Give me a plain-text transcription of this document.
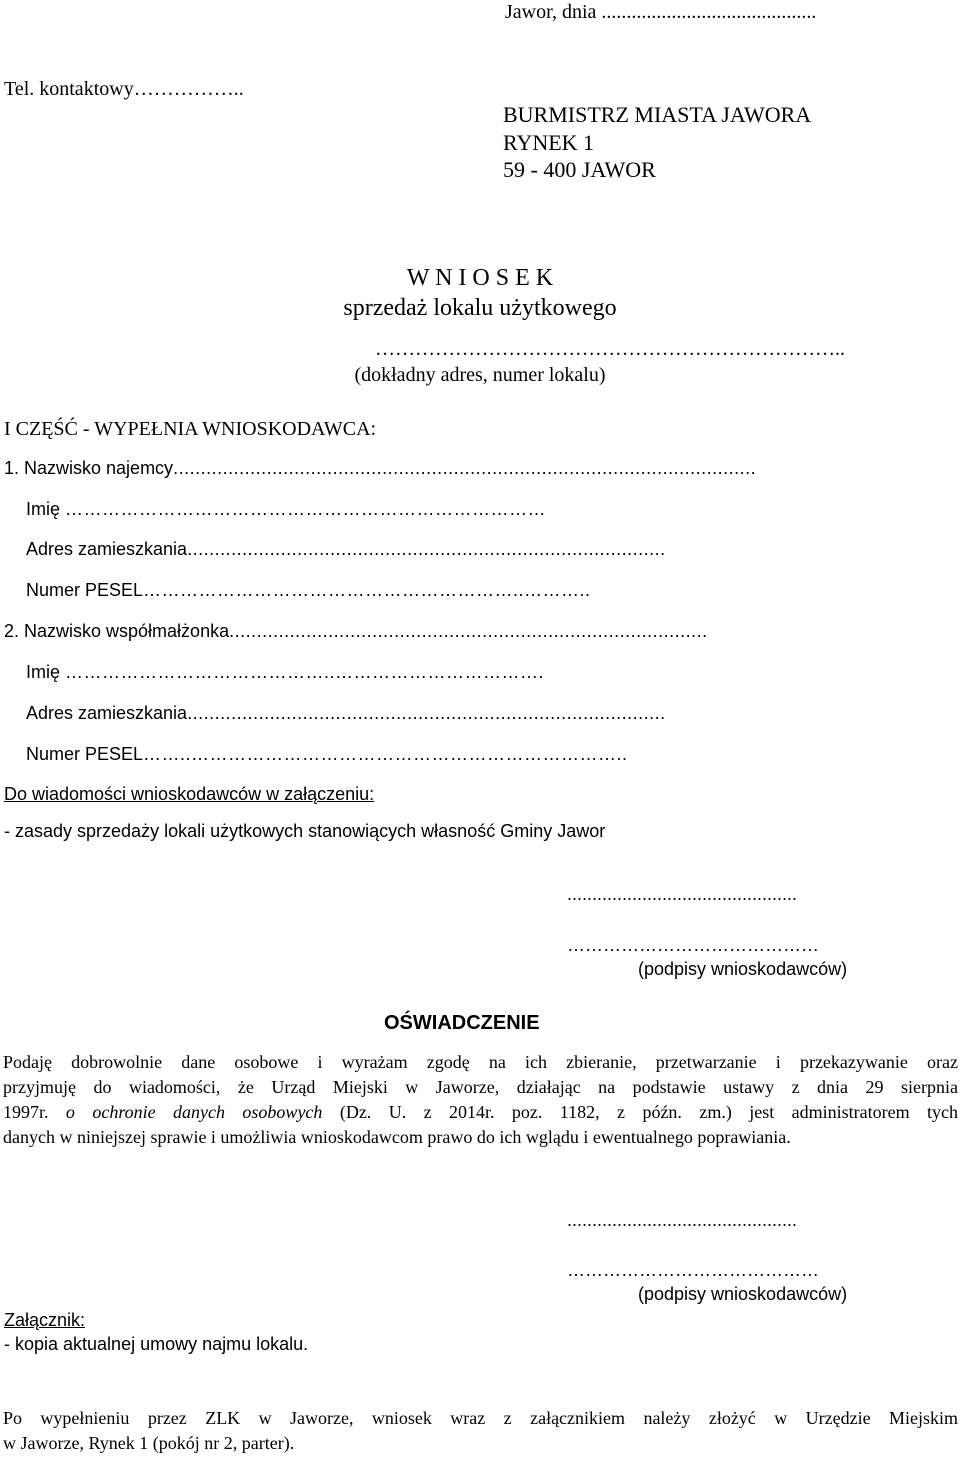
Jawor, dnia ...........................................
Tel. kontaktowy……………..
BURMISTRZ MIASTA JAWORA
RYNEK 1
59 - 400 JAWOR
W N I O S E K
sprzedaż lokalu użytkowego
……………………………………………………………..
(dokładny adres, numer lokalu)
I CZĘŚĆ - WYPEŁNIA WNIOSKODAWCA:
1. Nazwisko najemcy ..........................................................................................................
Imię
……………………………………………………………………
Adres zamieszkania .......................................................................................
Numer PESEL ……………………………………………………..………..
2. Nazwisko współmałżonka .......................................................................................
Imię
……………………………………..…………………………….
Adres zamieszkania .......................................................................................
Numer PESEL ……..……………………………………………………………..
Do wiadomości wnioskodawców w załączeniu:
- zasady sprzedaży lokali użytkowych stanowiących własność Gminy Jawor
..............................................
……………………………………
(podpisy wnioskodawców)
OŚWIADCZENIE
Podaję dobrowolnie dane osobowe i wyrażam zgodę na ich zbieranie, przetwarzanie i przekazywanie oraz
przyjmuję do wiadomości, że Urząd Miejski w Jaworze, działając na podstawie ustawy z dnia 29 sierpnia
1997r. o ochronie danych osobowych (Dz. U. z 2014r. poz. 1182, z późn. zm.) jest administratorem tych
danych w niniejszej sprawie i umożliwia wnioskodawcom prawo do ich wglądu i ewentualnego poprawiania.
..............................................
……………………………………
(podpisy wnioskodawców)
Załącznik:
- kopia aktualnej umowy najmu lokalu.
Po wypełnieniu przez ZLK w Jaworze, wniosek wraz z załącznikiem należy złożyć w Urzędzie Miejskim
w Jaworze, Rynek 1 (pokój nr 2, parter).
